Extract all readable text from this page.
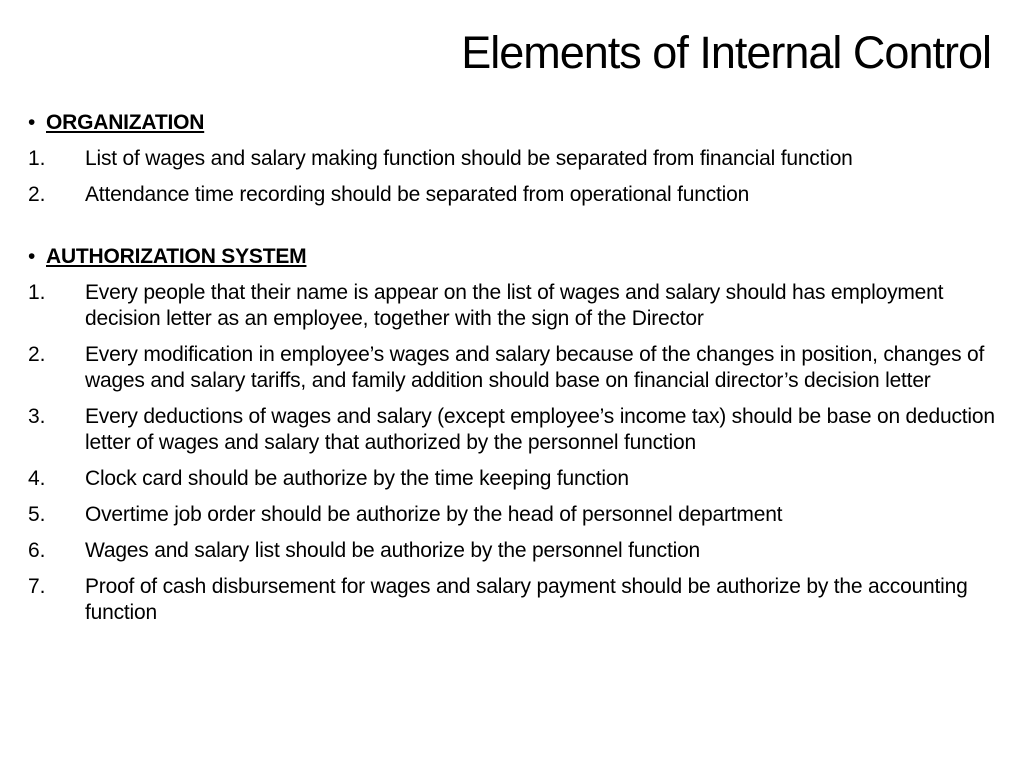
Elements of Internal Control
• ORGANIZATION
1.	List of wages and salary making function should be separated from financial function
2.	Attendance time recording should be separated from operational function
• AUTHORIZATION SYSTEM
1.	Every people that their name is appear on the list of wages and salary should has employment decision letter as an employee, together with the sign of the Director
2.	Every modification in employee’s wages and salary because of the changes in position, changes of wages and salary tariffs, and family addition should base on financial director’s decision letter
3.	Every deductions of wages and salary (except employee’s income tax) should be base on deduction letter of wages and salary that authorized by the personnel function
4.	Clock card should be authorize by the time keeping function
5.	Overtime job order should be authorize by the head of personnel department
6.	Wages and salary list should be authorize by the personnel function
7.	Proof of cash disbursement for wages and salary payment should be authorize by the accounting function
